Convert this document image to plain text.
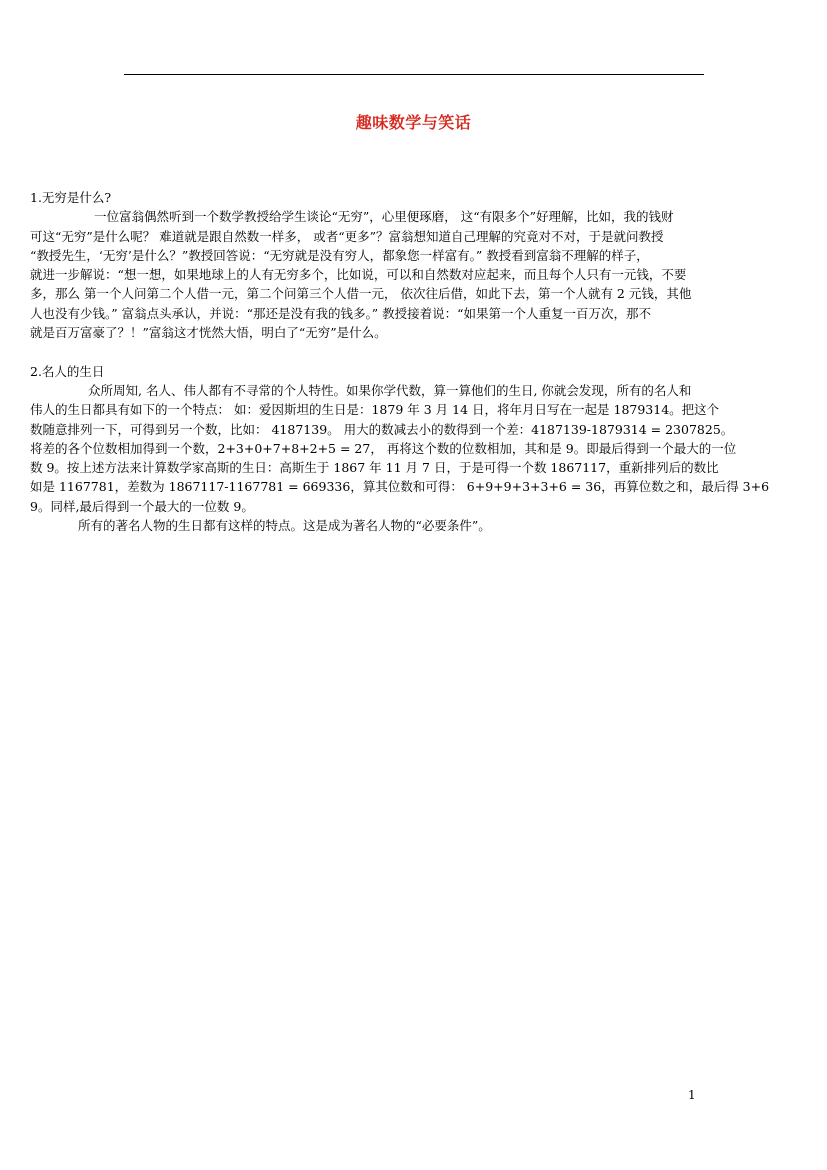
趣味数学与笑话
1.无穷是什么?
一位富翁偶然听到一个数学教授给学生谈论“无穷”，心里便琢磨， 这“有限多个”好理解，比如，我的钱财
可这“无穷”是什么呢？ 难道就是跟自然数一样多， 或者“更多”？富翁想知道自己理解的究竟对不对，于是就问教授
“教授先生，‘无穷’是什么？”教授回答说：“无穷就是没有穷人，都象您一样富有。” 教授看到富翁不理解的样子，
就进一步解说：“想一想，如果地球上的人有无穷多个，比如说，可以和自然数对应起来，而且每个人只有一元钱，不要
多，那么 第一个人问第二个人借一元，第二个问第三个人借一元， 依次往后借，如此下去，第一个人就有 2 元钱，其他
人也没有少钱。” 富翁点头承认，并说：“那还是没有我的钱多。” 教授接着说：“如果第一个人重复一百万次，那不
就是百万富豪了？！”富翁这才恍然大悟，明白了“无穷”是什么。
2.名人的生日
众所周知, 名人、伟人都有不寻常的个人特性。如果你学代数，算一算他们的生日, 你就会发现，所有的名人和
伟人的生日都具有如下的一个特点： 如：爱因斯坦的生日是：1879 年 3 月 14 日，将年月日写在一起是 1879314。把这个
数随意排列一下，可得到另一个数，比如： 4187139。 用大的数减去小的数得到一个差：4187139-1879314 = 2307825。
将差的各个位数相加得到一个数，2+3+0+7+8+2+5 = 27， 再将这个数的位数相加，其和是 9。即最后得到一个最大的一位
数 9。按上述方法来计算数学家高斯的生日：高斯生于 1867 年 11 月 7 日，于是可得一个数 1867117，重新排列后的数比
如是 1167781，差数为 1867117-1167781 = 669336，算其位数和可得： 6+9+9+3+3+6 = 36，再算位数之和，最后得 3+6
9。同样,最后得到一个最大的一位数 9。
所有的著名人物的生日都有这样的特点。这是成为著名人物的“必要条件”。
1
